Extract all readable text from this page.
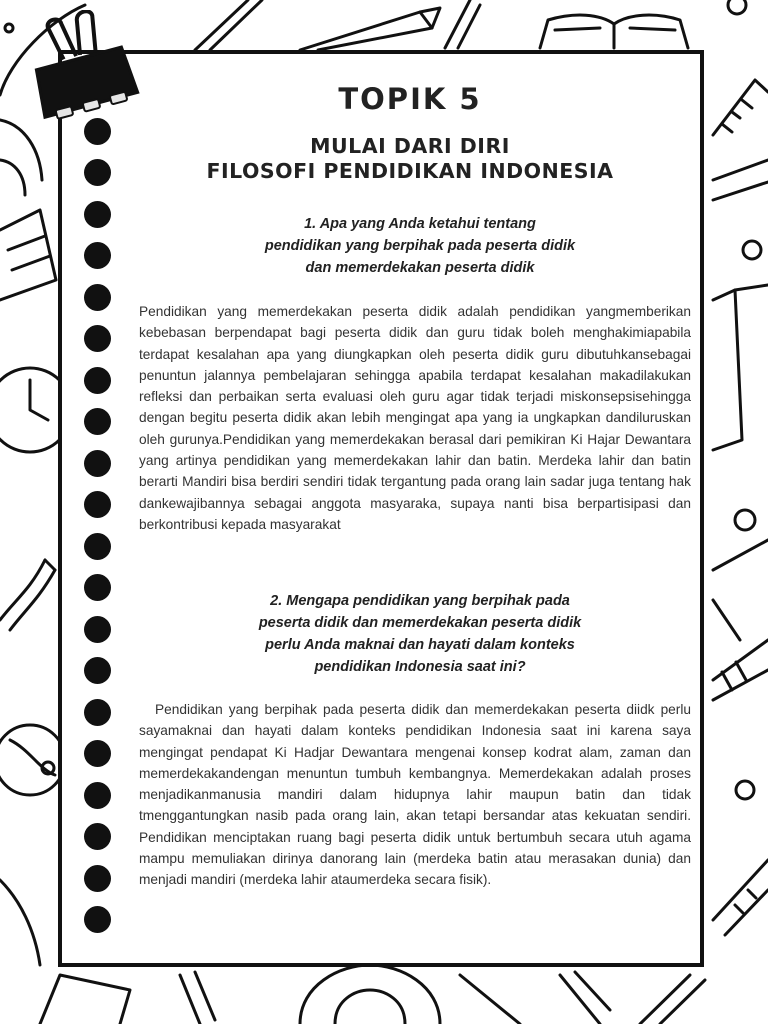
TOPIK 5
MULAI DARI DIRI
FILOSOFI PENDIDIKAN INDONESIA
1. Apa yang Anda ketahui tentang
pendidikan yang berpihak pada peserta didik
dan memerdekakan peserta didik
Pendidikan yang memerdekakan peserta didik adalah pendidikan yangmemberikan kebebasan berpendapat bagi peserta didik dan guru tidak boleh menghakimiapabila terdapat kesalahan apa yang diungkapkan oleh peserta didik guru dibutuhkansebagai penuntun jalannya pembelajaran sehingga apabila terdapat kesalahan makadilakukan refleksi dan perbaikan serta evaluasi oleh guru agar tidak terjadi miskonsepsisehingga dengan begitu peserta didik akan lebih mengingat apa yang ia ungkapkan dandiluruskan oleh gurunya.Pendidikan yang memerdekakan berasal dari pemikiran Ki Hajar Dewantara yang artinya pendidikan yang memerdekakan lahir dan batin. Merdeka lahir dan batin berarti Mandiri bisa berdiri sendiri tidak tergantung pada orang lain sadar juga tentang hak dankewajibannya sebagai anggota masyaraka, supaya nanti bisa berpartisipasi dan berkontribusi kepada masyarakat
2. Mengapa pendidikan yang berpihak pada
peserta didik dan memerdekakan peserta didik
perlu Anda maknai dan hayati dalam konteks
pendidikan Indonesia saat ini?
Pendidikan yang berpihak pada peserta didik dan memerdekakan peserta diidk perlu sayamaknai dan hayati dalam konteks pendidikan Indonesia saat ini karena saya mengingat pendapat Ki Hadjar Dewantara mengenai konsep kodrat alam, zaman dan memerdekakandengan menuntun tumbuh kembangnya. Memerdekakan adalah proses menjadikanmanusia mandiri dalam hidupnya lahir maupun batin dan tidak tmenggantungkan nasib pada orang lain, akan tetapi bersandar atas kekuatan sendiri. Pendidikan menciptakan ruang bagi peserta didik untuk bertumbuh secara utuh agama mampu memuliakan dirinya danorang lain (merdeka batin atau merasakan dunia) dan menjadi mandiri (merdeka lahir ataumerdeka secara fisik).
